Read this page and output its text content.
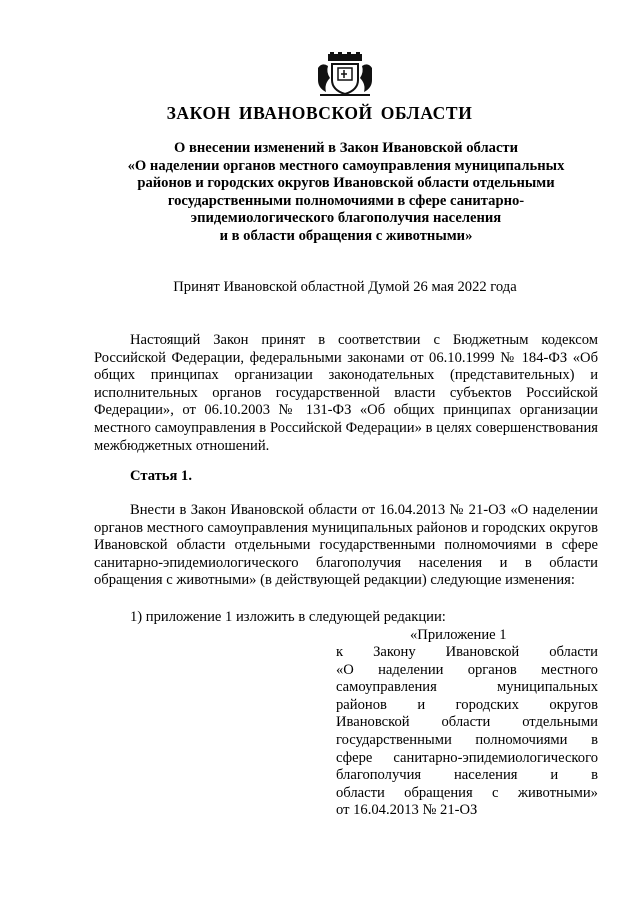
ЗАКОН ИВАНОВСКОЙ ОБЛАСТИ
О внесении изменений в Закон Ивановской области
«О наделении органов местного самоуправления муниципальных
районов и городских округов Ивановской области отдельными
государственными полномочиями в сфере санитарно-
эпидемиологического благополучия населения
и в области обращения с животными»
Принят Ивановской областной Думой 26 мая 2022 года
Настоящий Закон принят в соответствии с Бюджетным кодексом Российской Федерации, федеральными законами от 06.10.1999 № 184-ФЗ «Об общих принципах организации законодательных (представительных) и исполнительных органов государственной власти субъектов Российской Федерации», от 06.10.2003 № 131-ФЗ «Об общих принципах организации местного самоуправления в Российской Федерации» в целях совершенствования межбюджетных отношений.
Статья 1.
Внести в Закон Ивановской области от 16.04.2013 № 21-ОЗ «О наделении органов местного самоуправления муниципальных районов и городских округов Ивановской области отдельными государственными полномочиями в сфере санитарно-эпидемиологического благополучия населения и в области обращения с животными» (в действующей редакции) следующие изменения:
1) приложение 1 изложить в следующей редакции:
«Приложение 1
к Закону Ивановской области
«О наделении органов местного
самоуправления	муниципальных
районов и городских округов
Ивановской области отдельными
государственными полномочиями в
сфере санитарно-эпидемиологического
благополучия населения и в
области обращения с животными»
от 16.04.2013 № 21-ОЗ
